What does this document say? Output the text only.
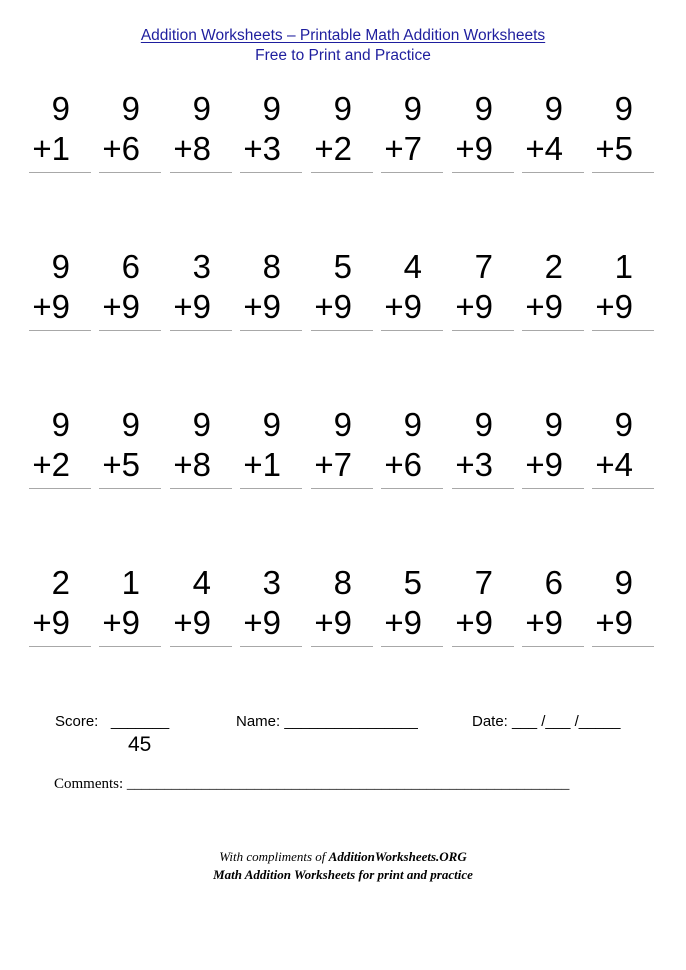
Addition Worksheets – Printable Math Addition Worksheets
Free to Print and Practice
9
+1
9
+6
9
+8
9
+3
9
+2
9
+7
9
+9
9
+4
9
+5
9
+9
6
+9
3
+9
8
+9
5
+9
4
+9
7
+9
2
+9
1
+9
9
+2
9
+5
9
+8
9
+1
9
+7
9
+6
9
+3
9
+9
9
+4
2
+9
1
+9
4
+9
3
+9
8
+9
5
+9
7
+9
6
+9
9
+9
Score:   _______
45
Name: ________________	Date: ___ /___ /_____
Comments: ___________________________________________________________
With compliments of AdditionWorksheets.ORG
Math Addition Worksheets for print and practice
